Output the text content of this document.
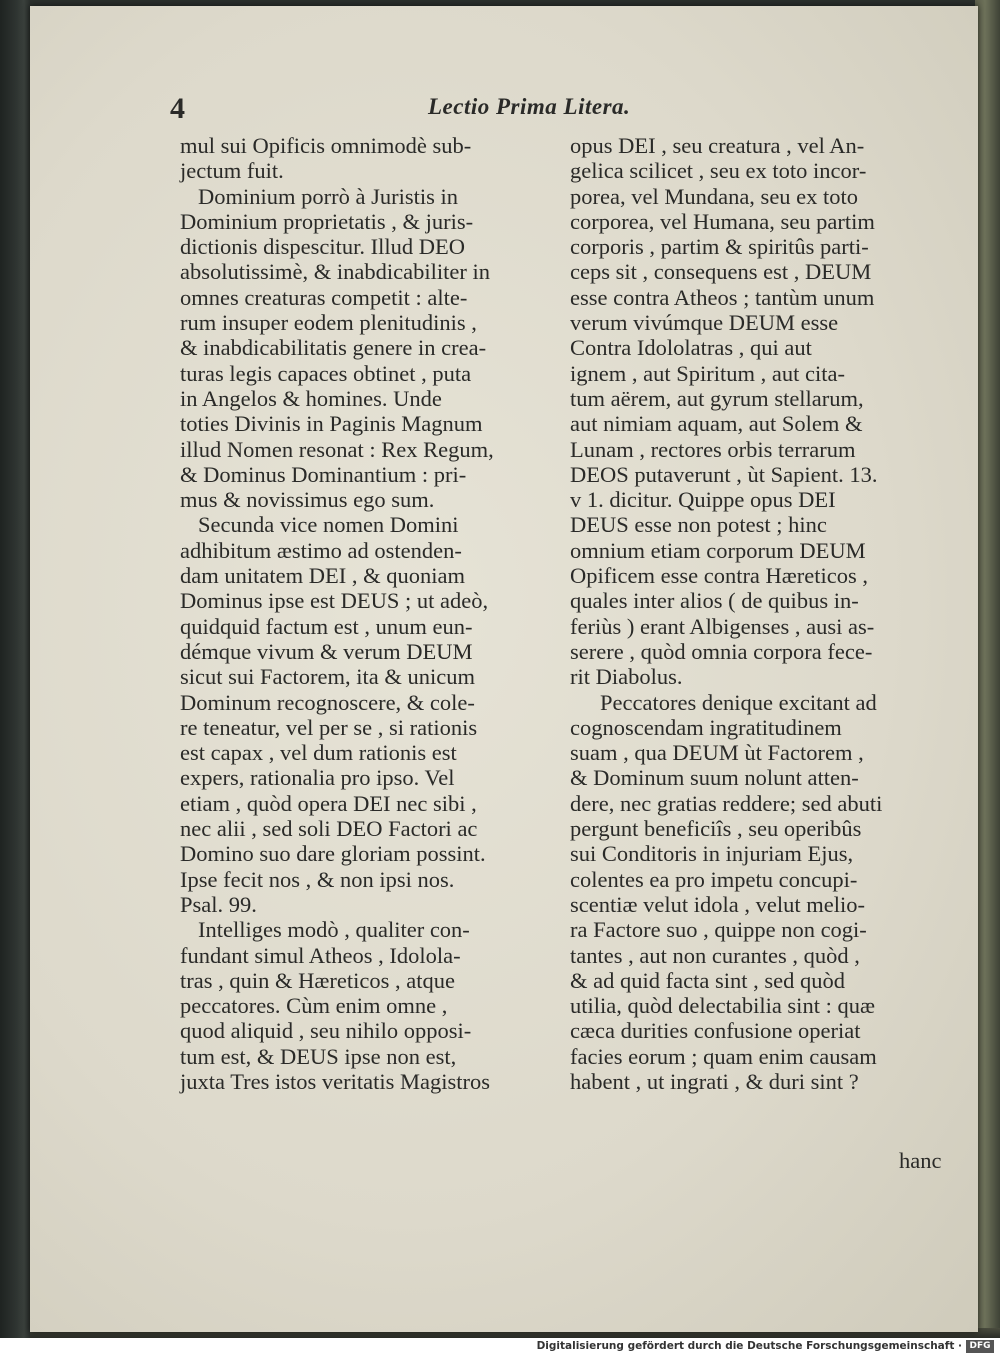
4	Lectio Prima Litera.
mul sui Opificis omnimodè sub-
jectum fuit.
Dominium porrò à Juristis in
Dominium proprietatis , & juris-
dictionis dispescitur. Illud DEO
absolutissimè, & inabdicabiliter in
omnes creaturas competit : alte-
rum insuper eodem plenitudinis ,
& inabdicabilitatis genere in crea-
turas legis capaces obtinet , puta
in Angelos & homines. Unde
toties Divinis in Paginis Magnum
illud Nomen resonat : Rex Regum,
& Dominus Dominantium : pri-
mus & novissimus ego sum.
Secunda vice nomen Domini
adhibitum æstimo ad ostenden-
dam unitatem DEI , & quoniam
Dominus ipse est DEUS ; ut adeò,
quidquid factum est , unum eun-
démque vivum & verum DEUM
sicut sui Factorem, ita & unicum
Dominum recognoscere, & cole-
re teneatur, vel per se , si rationis
est capax , vel dum rationis est
expers, rationalia pro ipso. Vel
etiam , quòd opera DEI nec sibi ,
nec alii , sed soli DEO Factori ac
Domino suo dare gloriam possint.
Ipse fecit nos , & non ipsi nos.
Psal. 99.
Intelliges modò , qualiter con-
fundant simul Atheos , Idolola-
tras , quin & Hæreticos , atque
peccatores. Cùm enim omne ,
quod aliquid , seu nihilo opposi-
tum est, & DEUS ipse non est,
juxta Tres istos veritatis Magistros
opus DEI , seu creatura , vel An-
gelica scilicet , seu ex toto incor-
porea, vel Mundana, seu ex toto
corporea, vel Humana, seu partim
corporis , partim & spiritûs parti-
ceps sit , consequens est , DEUM
esse contra Atheos ; tantùm unum
verum vivúmque DEUM esse
Contra Idololatras , qui aut
ignem , aut Spiritum , aut cita-
tum aërem, aut gyrum stellarum,
aut nimiam aquam, aut Solem &
Lunam , rectores orbis terrarum
DEOS putaverunt , ùt Sapient. 13.
v 1. dicitur. Quippe opus DEI
DEUS esse non potest ; hinc
omnium etiam corporum DEUM
Opificem esse contra Hæreticos ,
quales inter alios ( de quibus in-
feriùs ) erant Albigenses , ausi as-
serere , quòd omnia corpora fece-
rit Diabolus.
Peccatores denique excitant ad
cognoscendam ingratitudinem
suam , qua DEUM ùt Factorem ,
& Dominum suum nolunt atten-
dere, nec gratias reddere; sed abuti
pergunt beneficiîs , seu operibûs
sui Conditoris in injuriam Ejus,
colentes ea pro impetu concupi-
scentiæ velut idola , velut melio-
ra Factore suo , quippe non cogi-
tantes , aut non curantes , quòd ,
& ad quid facta sint , sed quòd
utilia, quòd delectabilia sint : quæ
cæca durities confusione operiat
facies eorum ; quam enim causam
habent , ut ingrati , & duri sint ?
hanc
Digitalisierung gefördert durch die Deutsche Forschungsgemeinschaft · DFG
